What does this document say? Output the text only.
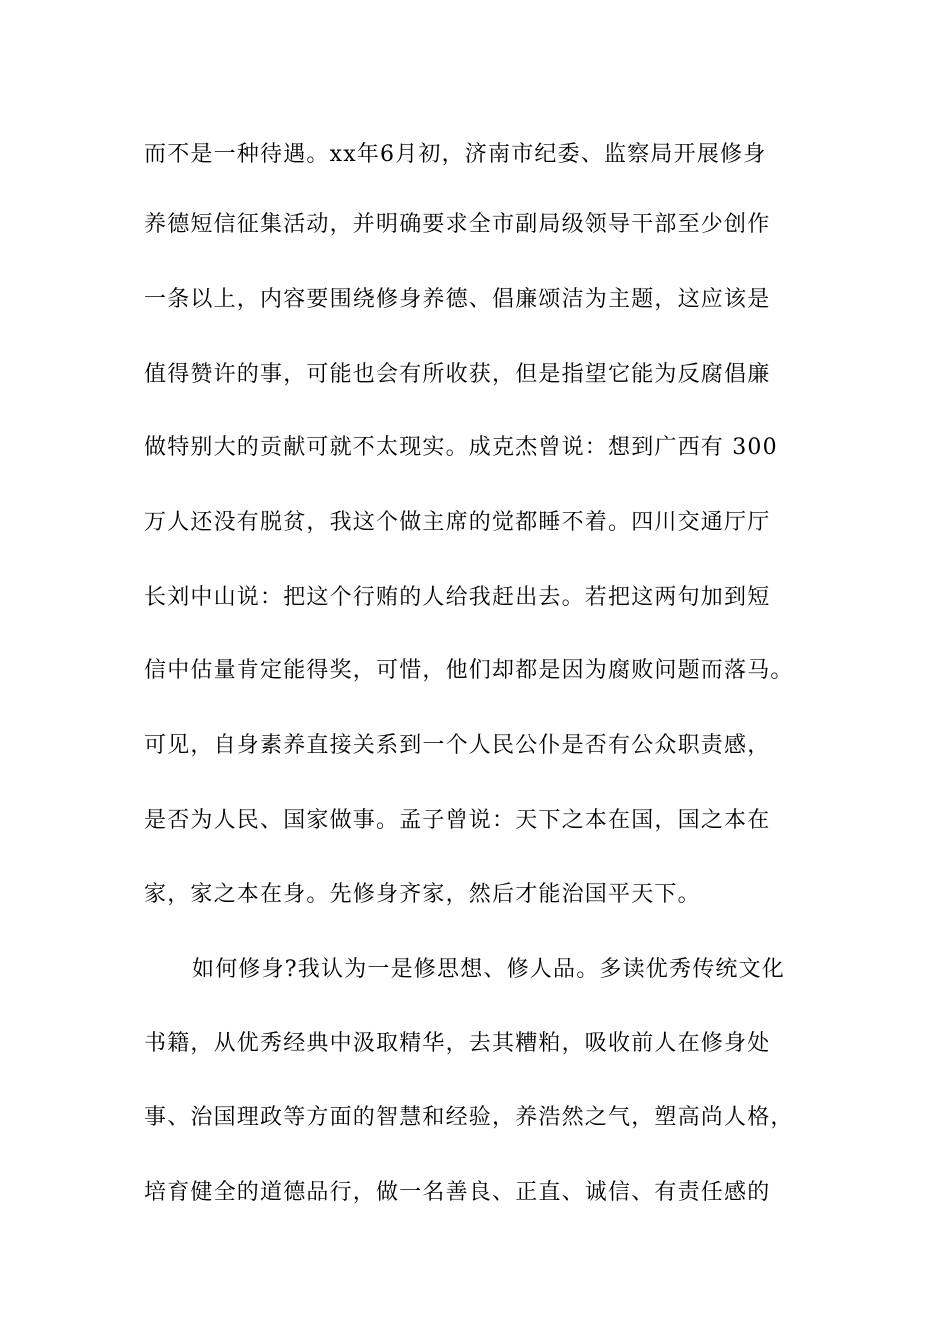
而不是一种待遇。xx年6月初，济南市纪委、监察局开展修身
养德短信征集活动，并明确要求全市副局级领导干部至少创作
一条以上，内容要围绕修身养德、倡廉颂洁为主题，这应该是
值得赞许的事，可能也会有所收获，但是指望它能为反腐倡廉
做特别大的贡献可就不太现实。成克杰曾说：想到广西有 300
万人还没有脱贫，我这个做主席的觉都睡不着。四川交通厅厅
长刘中山说：把这个行贿的人给我赶出去。若把这两句加到短
信中估量肯定能得奖，可惜，他们却都是因为腐败问题而落马。
可见，自身素养直接关系到一个人民公仆是否有公众职责感，
是否为人民、国家做事。孟子曾说：天下之本在国，国之本在
家，家之本在身。先修身齐家，然后才能治国平天下。
如何修身?我认为一是修思想、修人品。多读优秀传统文化
书籍，从优秀经典中汲取精华，去其糟粕，吸收前人在修身处
事、治国理政等方面的智慧和经验，养浩然之气，塑高尚人格，
培育健全的道德品行，做一名善良、正直、诚信、有责任感的
